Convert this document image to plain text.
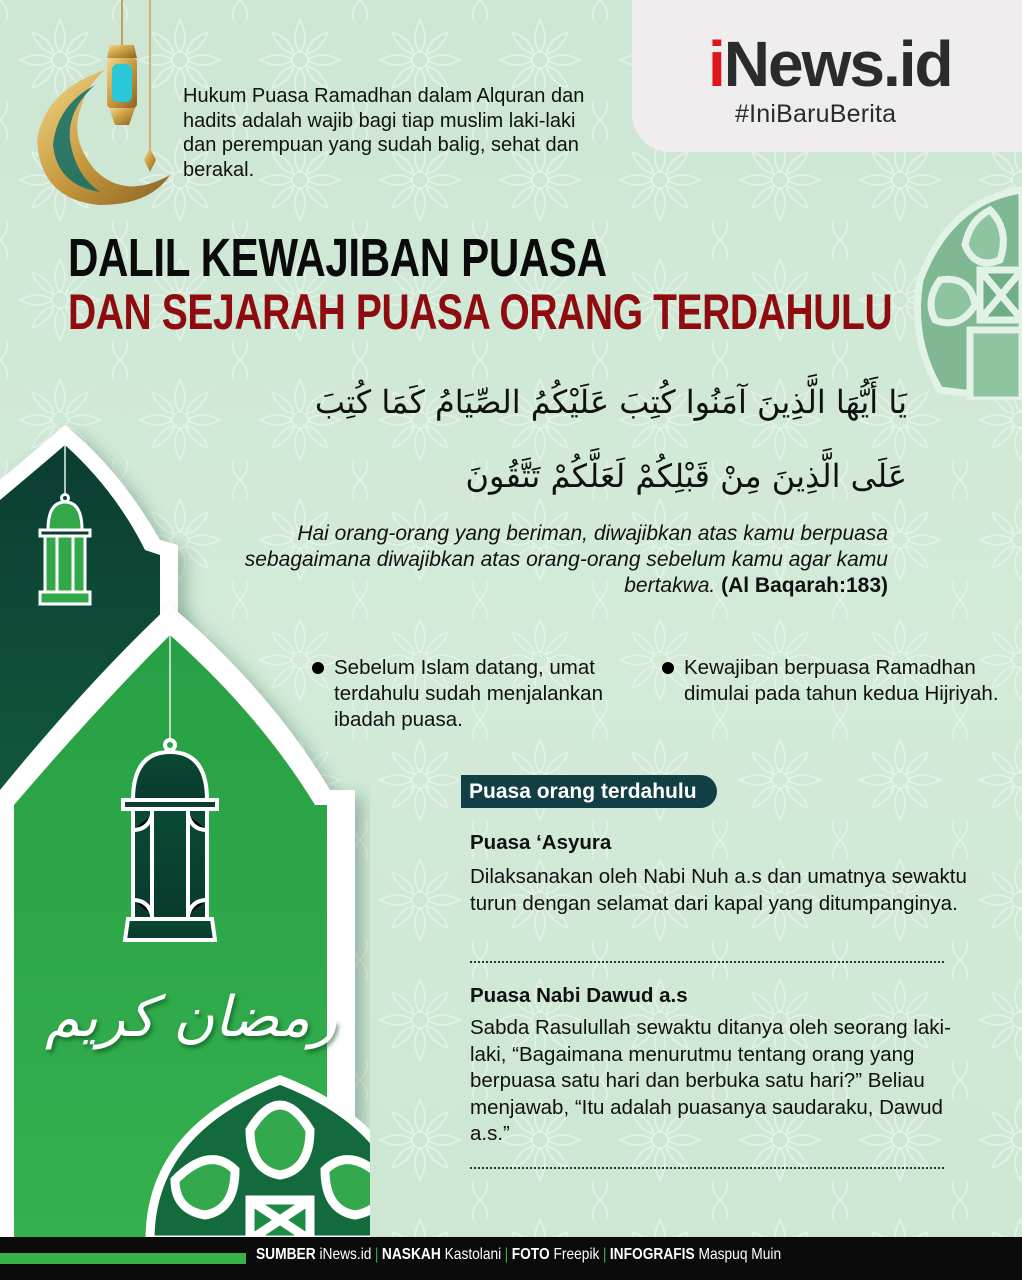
iNews.id
#IniBaruBerita
Hukum Puasa Ramadhan dalam Alquran dan hadits adalah wajib bagi tiap muslim laki-laki dan perempuan yang sudah balig, sehat dan berakal.
DALIL KEWAJIBAN PUASA
DAN SEJARAH PUASA ORANG TERDAHULU
يَا أَيُّهَا الَّذِينَ آمَنُوا كُتِبَ عَلَيْكُمُ الصِّيَامُ كَمَا كُتِبَ
عَلَى الَّذِينَ مِنْ قَبْلِكُمْ لَعَلَّكُمْ تَتَّقُونَ
Hai orang-orang yang beriman, diwajibkan atas kamu berpuasa sebagaimana diwajibkan atas orang-orang sebelum kamu agar kamu bertakwa. (Al Baqarah:183)
رمضان كريم
Sebelum Islam datang, umat terdahulu sudah menjalankan ibadah puasa.
Kewajiban berpuasa Ramadhan dimulai pada tahun kedua Hijriyah.
Puasa orang terdahulu
Puasa ‘Asyura
Dilaksanakan oleh Nabi Nuh a.s dan umatnya sewaktu turun dengan selamat dari kapal yang ditumpanginya.
Puasa Nabi Dawud a.s
Sabda Rasulullah sewaktu ditanya oleh seorang laki-laki, “Bagaimana menurutmu tentang orang yang berpuasa satu hari dan berbuka satu hari?” Beliau menjawab, “Itu adalah puasanya saudaraku, Dawud a.s.”
SUMBER iNews.id | NASKAH Kastolani | FOTO Freepik | INFOGRAFIS Maspuq Muin
